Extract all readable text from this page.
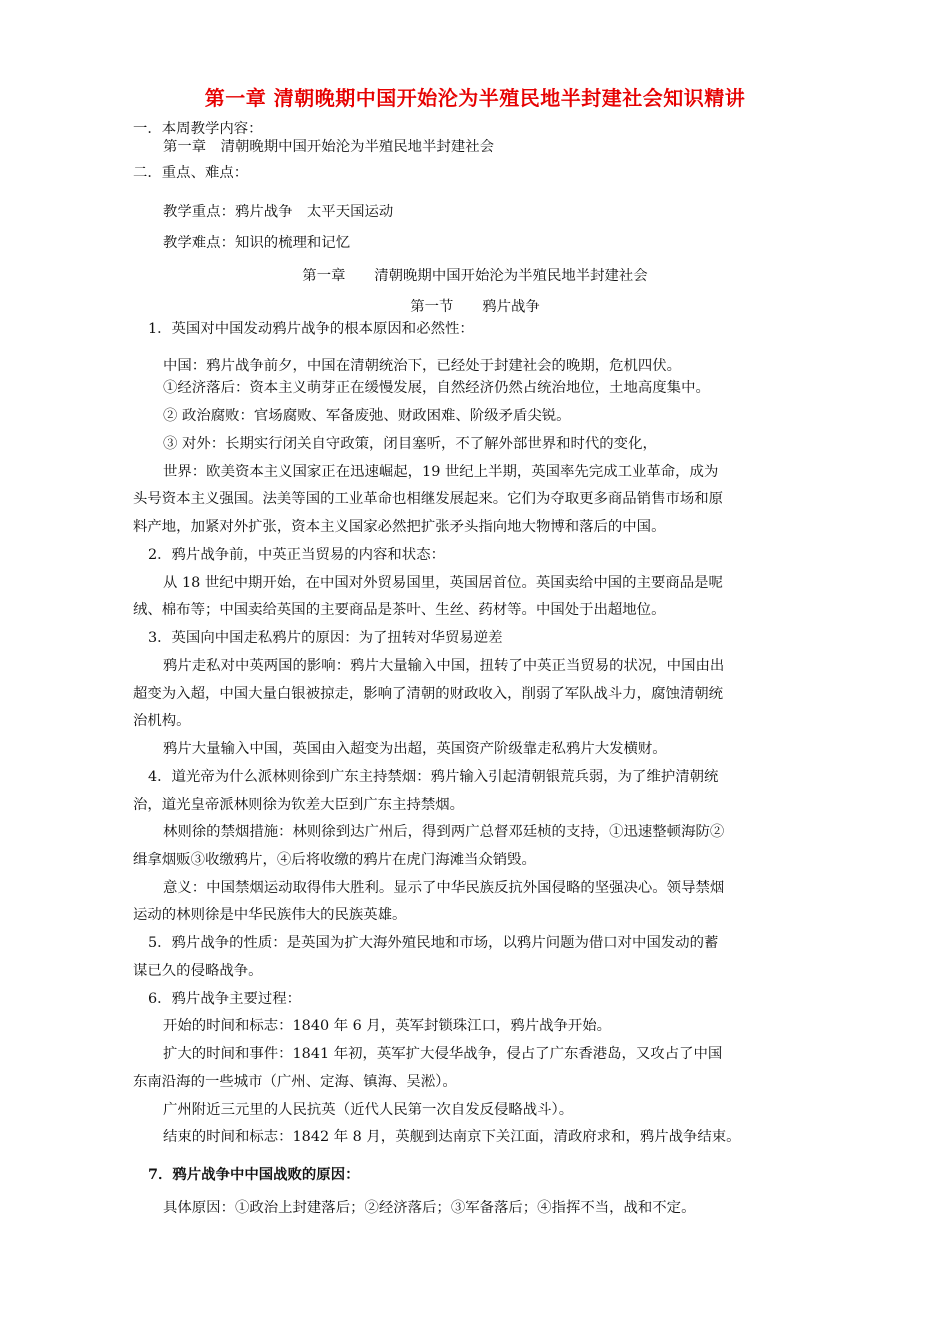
第一章 清朝晚期中国开始沦为半殖民地半封建社会知识精讲
一．本周教学内容：
第一章　清朝晚期中国开始沦为半殖民地半封建社会
二．重点、难点：
教学重点：鸦片战争　太平天国运动
教学难点：知识的梳理和记忆
第一章　　清朝晚期中国开始沦为半殖民地半封建社会
第一节　　鸦片战争
1．英国对中国发动鸦片战争的根本原因和必然性：
中国：鸦片战争前夕，中国在清朝统治下，已经处于封建社会的晚期，危机四伏。
①经济落后：资本主义萌芽正在缓慢发展，自然经济仍然占统治地位，土地高度集中。
② 政治腐败：官场腐败、军备废弛、财政困难、阶级矛盾尖锐。
③ 对外：长期实行闭关自守政策，闭目塞听，不了解外部世界和时代的变化，
世界：欧美资本主义国家正在迅速崛起，19 世纪上半期，英国率先完成工业革命，成为
头号资本主义强国。法美等国的工业革命也相继发展起来。它们为夺取更多商品销售市场和原
料产地，加紧对外扩张，资本主义国家必然把扩张矛头指向地大物博和落后的中国。
2．鸦片战争前，中英正当贸易的内容和状态：
从 18 世纪中期开始，在中国对外贸易国里，英国居首位。英国卖给中国的主要商品是呢
绒、棉布等；中国卖给英国的主要商品是茶叶、生丝、药材等。中国处于出超地位。
3．英国向中国走私鸦片的原因：为了扭转对华贸易逆差
鸦片走私对中英两国的影响：鸦片大量输入中国，扭转了中英正当贸易的状况，中国由出
超变为入超，中国大量白银被掠走，影响了清朝的财政收入，削弱了军队战斗力，腐蚀清朝统
治机构。
鸦片大量输入中国，英国由入超变为出超，英国资产阶级靠走私鸦片大发横财。
4．道光帝为什么派林则徐到广东主持禁烟：鸦片输入引起清朝银荒兵弱，为了维护清朝统
治，道光皇帝派林则徐为钦差大臣到广东主持禁烟。
林则徐的禁烟措施：林则徐到达广州后，得到两广总督邓廷桢的支持，①迅速整顿海防②
缉拿烟贩③收缴鸦片，④后将收缴的鸦片在虎门海滩当众销毁。
意义：中国禁烟运动取得伟大胜利。显示了中华民族反抗外国侵略的坚强决心。领导禁烟
运动的林则徐是中华民族伟大的民族英雄。
5．鸦片战争的性质：是英国为扩大海外殖民地和市场，以鸦片问题为借口对中国发动的蓄
谋已久的侵略战争。
6．鸦片战争主要过程：
开始的时间和标志：1840 年 6 月，英军封锁珠江口，鸦片战争开始。
扩大的时间和事件：1841 年初，英军扩大侵华战争，侵占了广东香港岛，又攻占了中国
东南沿海的一些城市（广州、定海、镇海、吴淞）。
广州附近三元里的人民抗英（近代人民第一次自发反侵略战斗）。
结束的时间和标志：1842 年 8 月，英舰到达南京下关江面，清政府求和，鸦片战争结束。
7．鸦片战争中中国战败的原因：
具体原因：①政治上封建落后；②经济落后；③军备落后；④指挥不当，战和不定。
